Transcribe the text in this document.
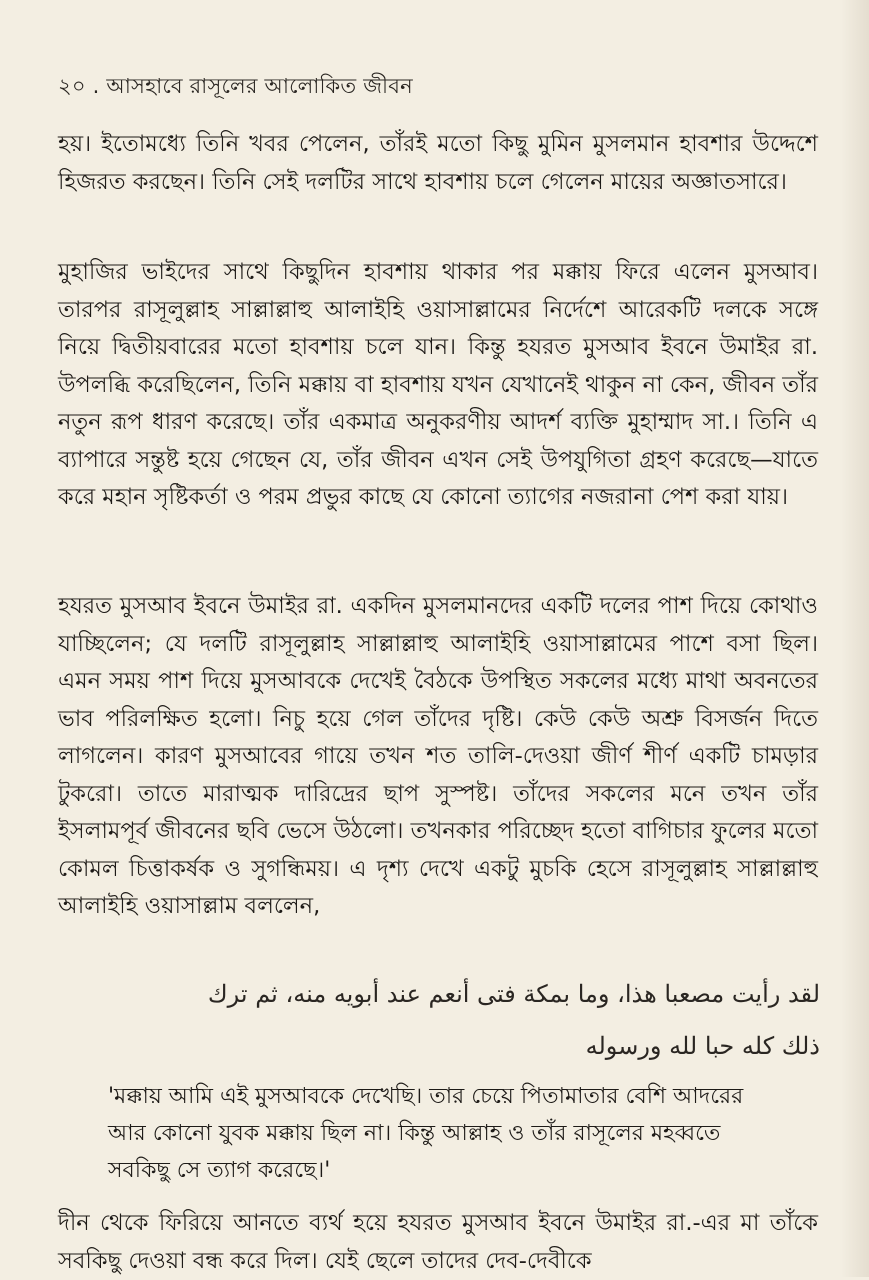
২০ . আসহাবে রাসূলের আলোকিত জীবন
হয়। ইতোমধ্যে তিনি খবর পেলেন, তাঁরই মতো কিছু মুমিন মুসলমান হাবশার উদ্দেশে হিজরত করছেন। তিনি সেই দলটির সাথে হাবশায় চলে গেলেন মায়ের অজ্ঞাতসারে।
মুহাজির ভাইদের সাথে কিছুদিন হাবশায় থাকার পর মক্কায় ফিরে এলেন মুসআব। তারপর রাসূলুল্লাহ সাল্লাল্লাহু আলাইহি ওয়াসাল্লামের নির্দেশে আরেকটি দলকে সঙ্গে নিয়ে দ্বিতীয়বারের মতো হাবশায় চলে যান। কিন্তু হযরত মুসআব ইবনে উমাইর রা. উপলব্ধি করেছিলেন, তিনি মক্কায় বা হাবশায় যখন যেখানেই থাকুন না কেন, জীবন তাঁর নতুন রূপ ধারণ করেছে। তাঁর একমাত্র অনুকরণীয় আদর্শ ব্যক্তি মুহাম্মাদ সা.। তিনি এ ব্যাপারে সন্তুষ্ট হয়ে গেছেন যে, তাঁর জীবন এখন সেই উপযুগিতা গ্রহণ করেছে—যাতে করে মহান সৃষ্টিকর্তা ও পরম প্রভুর কাছে যে কোনো ত্যাগের নজরানা পেশ করা যায়।
হযরত মুসআব ইবনে উমাইর রা. একদিন মুসলমানদের একটি দলের পাশ দিয়ে কোথাও যাচ্ছিলেন; যে দলটি রাসূলুল্লাহ সাল্লাল্লাহু আলাইহি ওয়াসাল্লামের পাশে বসা ছিল। এমন সময় পাশ দিয়ে মুসআবকে দেখেই বৈঠকে উপস্থিত সকলের মধ্যে মাথা অবনতের ভাব পরিলক্ষিত হলো। নিচু হয়ে গেল তাঁদের দৃষ্টি। কেউ কেউ অশ্রু বিসর্জন দিতে লাগলেন। কারণ মুসআবের গায়ে তখন শত তালি-দেওয়া জীর্ণ শীর্ণ একটি চামড়ার টুকরো। তাতে মারাত্মক দারিদ্রের ছাপ সুস্পষ্ট। তাঁদের সকলের মনে তখন তাঁর ইসলামপূর্ব জীবনের ছবি ভেসে উঠলো। তখনকার পরিচ্ছেদ হতো বাগিচার ফুলের মতো কোমল চিত্তাকর্ষক ও সুগন্ধিময়। এ দৃশ্য দেখে একটু মুচকি হেসে রাসূলুল্লাহ সাল্লাল্লাহু আলাইহি ওয়াসাল্লাম বললেন,
لقد رأيت مصعبا هذا، وما بمكة فتى أنعم عند أبويه منه، ثم ترك
ذلك كله حبا لله ورسوله
'মক্কায় আমি এই মুসআবকে দেখেছি। তার চেয়ে পিতামাতার বেশি আদরের আর কোনো যুবক মক্কায় ছিল না। কিন্তু আল্লাহ ও তাঁর রাসূলের মহব্বতে সবকিছু সে ত্যাগ করেছে।'
দীন থেকে ফিরিয়ে আনতে ব্যর্থ হয়ে হযরত মুসআব ইবনে উমাইর রা.-এর মা তাঁকে সবকিছু দেওয়া বন্ধ করে দিল। যেই ছেলে তাদের দেব-দেবীকে
